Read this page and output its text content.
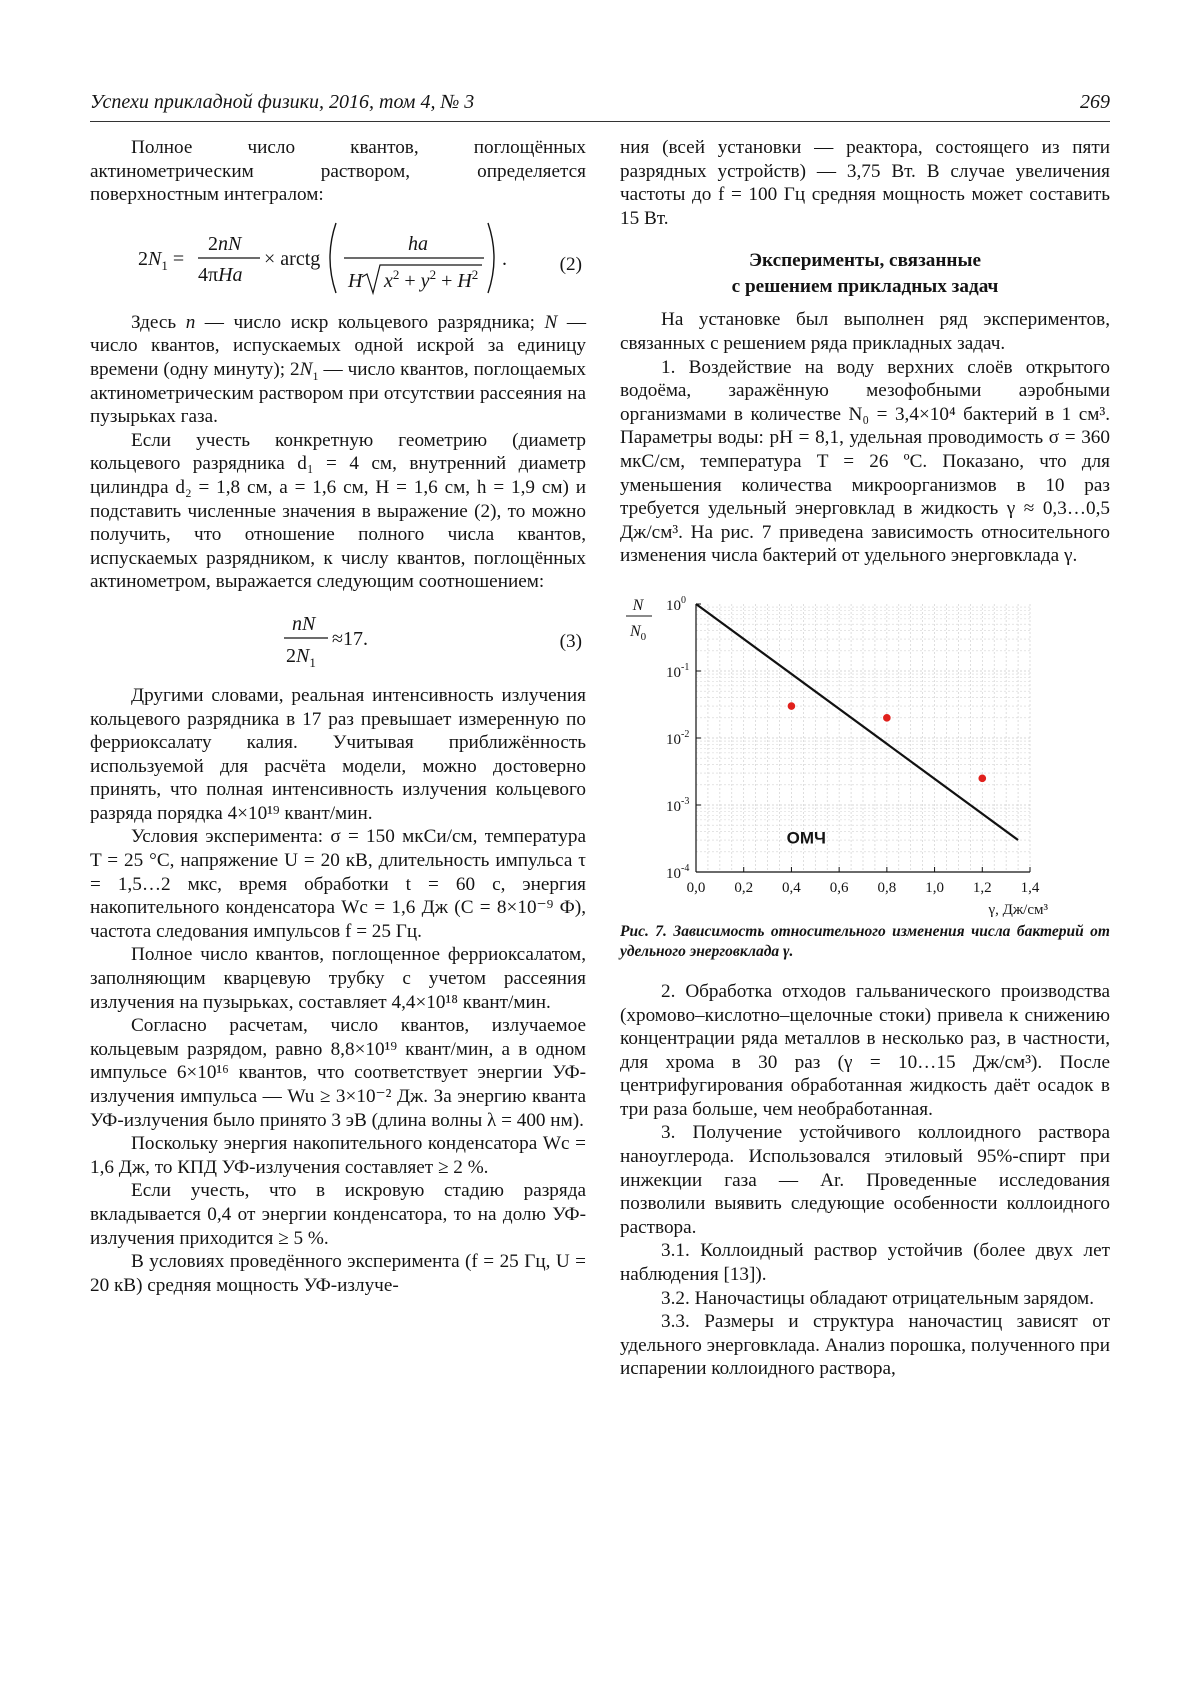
Успехи прикладной физики, 2016, том 4, № 3	269

Полное число квантов, поглощённых актинометрическим раствором, определяется поверхностным интегралом:

$2N_1$ =
2nN
4πHa
× arctg
ha
H $x^2 + y^2 + H^2$
.	(2)

Здесь n — число искр кольцевого разрядника; N — число квантов, испускаемых одной искрой за единицу времени (одну минуту); $2N_1$ — число квантов, поглощаемых актинометрическим раствором при отсутствии рассеяния на пузырьках газа.

Если учесть конкретную геометрию (диаметр кольцевого разрядника d₁ = 4 см, внутренний диаметр цилиндра d₂ = 1,8 см, a = 1,6 см, H = 1,6 см, h = 1,9 см) и подставить численные значения в выражение (2), то можно получить, что отношение полного числа квантов, испускаемых разрядником, к числу квантов, поглощённых актинометром, выражается следующим соотношением:

nN
$2N_1$
≈17.	(3)

Другими словами, реальная интенсивность излучения кольцевого разрядника в 17 раз превышает измеренную по ферриоксалату калия. Учитывая приближённость используемой для расчёта модели, можно достоверно принять, что полная интенсивность излучения кольцевого разряда порядка 4×10¹⁹ квант/мин.

Условия эксперимента: σ = 150 мкСи/см, температура T = 25 °C, напряжение U = 20 кВ, длительность импульса τ = 1,5…2 мкс, время обработки t = 60 с, энергия накопительного конденсатора Wc = 1,6 Дж (C = 8×10⁻⁹ Ф), частота следования импульсов f = 25 Гц.

Полное число квантов, поглощенное ферриоксалатом, заполняющим кварцевую трубку с учетом рассеяния излучения на пузырьках, составляет 4,4×10¹⁸ квант/мин.

Согласно расчетам, число квантов, излучаемое кольцевым разрядом, равно 8,8×10¹⁹ квант/мин, а в одном импульсе 6×10¹⁶ квантов, что соответствует энергии УФ-излучения импульса — Wu ≥ 3×10⁻² Дж. За энергию кванта УФ-излучения было принято 3 эВ (длина волны λ = 400 нм).

Поскольку энергия накопительного конденсатора Wc = 1,6 Дж, то КПД УФ-излучения составляет ≥ 2 %.

Если учесть, что в искровую стадию разряда вкладывается 0,4 от энергии конденсатора, то на долю УФ-излучения приходится ≥ 5 %.

В условиях проведённого эксперимента (f = 25 Гц, U = 20 кВ) средняя мощность УФ-излуче-

ния (всей установки — реактора, состоящего из пяти разрядных устройств) — 3,75 Вт. В случае увеличения частоты до f = 100 Гц средняя мощность может составить 15 Вт.

Эксперименты, связанные
с решением прикладных задач

На установке был выполнен ряд экспериментов, связанных с решением ряда прикладных задач.

1. Воздействие на воду верхних слоёв открытого водоёма, заражённую мезофобными аэробными организмами в количестве N₀ = 3,4×10⁴ бактерий в 1 см³. Параметры воды: pH = 8,1, удельная проводимость σ = 360 мкС/см, температура T = 26 ºC. Показано, что для уменьшения количества микроорганизмов в 10 раз требуется удельный энерговклад в жидкость γ ≈ 0,3…0,5 Дж/см³. На рис. 7 приведена зависимость относительного изменения числа бактерий от удельного энерговклада γ.

0,0 0,2 0,4 0,6 0,8 1,0 1,2 1,4
$10^0$
$10^{-1}$
$10^{-2}$
$10^{-3}$
$10^{-4}$
N
$N_0$
γ, Дж/см³
ОМЧ

Рис. 7. Зависимость относительного изменения числа бактерий от удельного энерговклада γ.

2. Обработка отходов гальванического производства (хромово–кислотно–щелочные стоки) привела к снижению концентрации ряда металлов в несколько раз, в частности, для хрома в 30 раз (γ = 10…15 Дж/см³). После центрифугирования обработанная жидкость даёт осадок в три раза больше, чем необработанная.

3. Получение устойчивого коллоидного раствора наноуглерода. Использовался этиловый 95%-спирт при инжекции газа — Ar. Проведенные исследования позволили выявить следующие особенности коллоидного раствора.

3.1. Коллоидный раствор устойчив (более двух лет наблюдения [13]).

3.2. Наночастицы обладают отрицательным зарядом.

3.3. Размеры и структура наночастиц зависят от удельного энерговклада. Анализ порошка, полученного при испарении коллоидного раствора,
